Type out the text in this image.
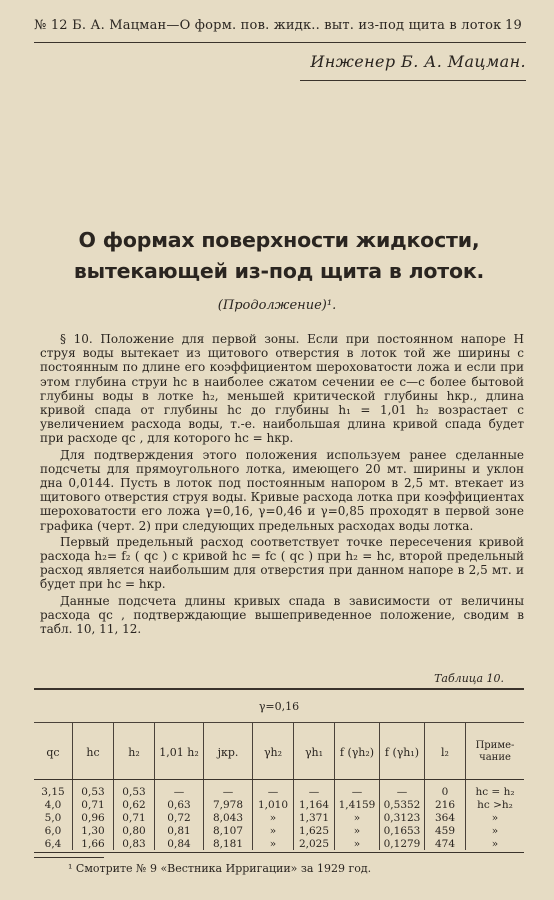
№ 12 Б. А. Мацман—О форм. пов. жидк.. выт. из-под щита в лоток 19
Инженер Б. А. Мацман.
О формах поверхности жидкости, вытекающей из-под щита в лоток.
(Продолжение)¹.

§ 10. Положение для первой зоны. Если при постоянном напоре H струя воды вытекает из щитового отверстия в лоток той же ширины с постоянным по длине его коэффициентом шероховатости ложа и если при этом глубина струи hс в наиболее сжатом сечении ее с—с более бытовой глубины воды в лотке h₂, меньшей критической глубины hкр., длина кривой спада от глубины hс до глубины h₁ = 1,01 h₂ возрастает с увеличением расхода воды, т.-е. наибольшая длина кривой спада будет при расходе qс , для которого hс = hкр.

Для подтверждения этого положения используем ранее сделанные подсчеты для прямоугольного лотка, имеющего 20 мт. ширины и уклон дна 0,0144. Пусть в лоток под постоянным напором в 2,5 мт. втекает из щитового отверстия струя воды. Кривые расхода лотка при коэффициентах шероховатости его ложа γ=0,16, γ=0,46 и γ=0,85 проходят в первой зоне графика (черт. 2) при следующих предельных расходах воды лотка.

Первый предельный расход соответствует точке пересечения кривой расхода h₂= f₂ ( qс ) с кривой hс = fс ( qс ) при h₂ = hс, второй предельный расход является наибольшим для отверстия при данном напоре в 2,5 мт. и будет при hс = hкр.

Данные подсчета длины кривых спада в зависимости от величины расхода qс , подтверждающие вышеприведенное положение, сводим в табл. 10, 11, 12.

Таблица 10.
γ=0,16										
qс	hс	h₂	1,01 h₂	jкр.	γh₂	γh₁	f (γh₂)	f (γh₁)	l₂	Приме-
чание
3,15	0,53	0,53	—	—	—	—	—	—	0	hс = h₂
4,0	0,71	0,62	0,63	7,978	1,010	1,164	1,4159	0,5352	216	hс >h₂
5,0	0,96	0,71	0,72	8,043	»	1,371	»	0,3123	364	»
6,0	1,30	0,80	0,81	8,107	»	1,625	»	0,1653	459	»
6,4	1,66	0,83	0,84	8,181	»	2,025	»	0,1279	474	»
¹ Смотрите № 9 «Вестника Ирригации» за 1929 год.
